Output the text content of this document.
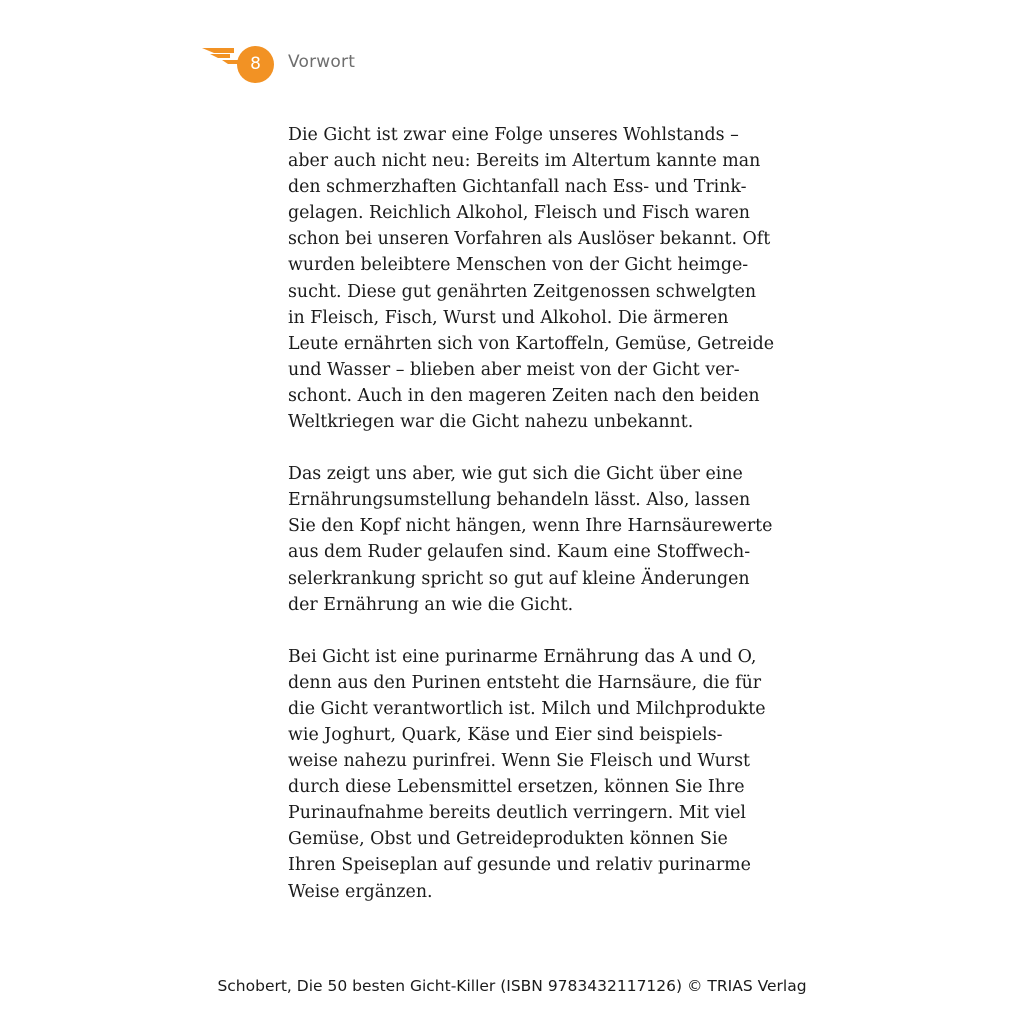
8	Vorwort

Die Gicht ist zwar eine Folge unseres Wohlstands –
aber auch nicht neu: Bereits im Altertum kannte man
den schmerzhaften Gichtanfall nach Ess- und Trink-
gelagen. Reichlich Alkohol, Fleisch und Fisch waren
schon bei unseren Vorfahren als Auslöser bekannt. Oft
wurden beleibtere Menschen von der Gicht heimge-
sucht. Diese gut genährten Zeitgenossen schwelgten
in Fleisch, Fisch, Wurst und Alkohol. Die ärmeren
Leute ernährten sich von Kartoffeln, Gemüse, Getreide
und Wasser – blieben aber meist von der Gicht ver-
schont. Auch in den mageren Zeiten nach den beiden
Weltkriegen war die Gicht nahezu unbekannt.

Das zeigt uns aber, wie gut sich die Gicht über eine
Ernährungsumstellung behandeln lässt. Also, lassen
Sie den Kopf nicht hängen, wenn Ihre Harnsäurewerte
aus dem Ruder gelaufen sind. Kaum eine Stoffwech-
selerkrankung spricht so gut auf kleine Änderungen
der Ernährung an wie die Gicht.

Bei Gicht ist eine purinarme Ernährung das A und O,
denn aus den Purinen entsteht die Harnsäure, die für
die Gicht verantwortlich ist. Milch und Milchprodukte
wie Joghurt, Quark, Käse und Eier sind beispiels-
weise nahezu purinfrei. Wenn Sie Fleisch und Wurst
durch diese Lebensmittel ersetzen, können Sie Ihre
Purinaufnahme bereits deutlich verringern. Mit viel
Gemüse, Obst und Getreideprodukten können Sie
Ihren Speiseplan auf gesunde und relativ purinarme
Weise ergänzen.

Schobert, Die 50 besten Gicht-Killer (ISBN 9783432117126) © TRIAS Verlag
